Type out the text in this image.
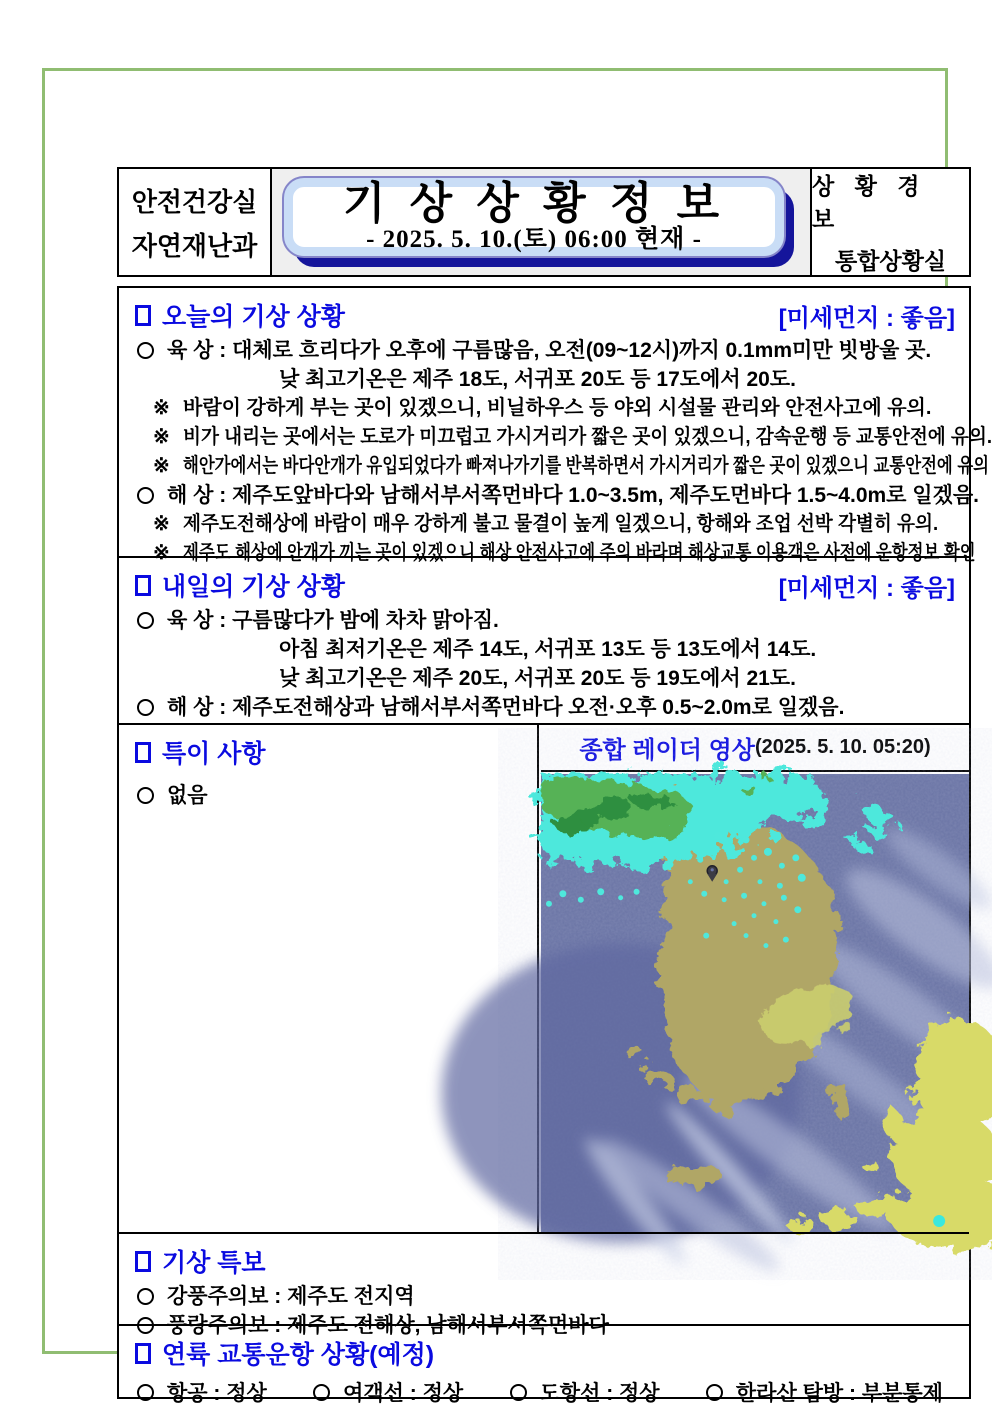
안전건강실
자연재난과
기 상 상 황 정 보
- 2025. 5. 10.(토) 06:00 현재 -
상 황 경 보
통합상황실
오늘의 기상 상황	[미세먼지 : 좋음]
육 상 : 대체로 흐리다가 오후에 구름많음, 오전(09~12시)까지 0.1mm미만 빗방울 곳.
낮 최고기온은 제주 18도, 서귀포 20도 등 17도에서 20도.
※ 바람이 강하게 부는 곳이 있겠으니, 비닐하우스 등 야외 시설물 관리와 안전사고에 유의.
※ 비가 내리는 곳에서는 도로가 미끄럽고 가시거리가 짧은 곳이 있겠으니, 감속운행 등 교통안전에 유의.
※ 해안가에서는 바다안개가 유입되었다가 빠져나가기를 반복하면서 가시거리가 짧은 곳이 있겠으니 교통안전에 유의
해 상 : 제주도앞바다와 남해서부서쪽먼바다 1.0~3.5m, 제주도먼바다 1.5~4.0m로 일겠음.
※ 제주도전해상에 바람이 매우 강하게 불고 물결이 높게 일겠으니, 항해와 조업 선박 각별히 유의.
※ 제주도 해상에 안개가 끼는 곳이 있겠으니 해상 안전사고에 주의 바라며 해상교통 이용객은 사전에 운항정보 확인
내일의 기상 상황	[미세먼지 : 좋음]
육 상 : 구름많다가 밤에 차차 맑아짐.
아침 최저기온은 제주 14도, 서귀포 13도 등 13도에서 14도.
낮 최고기온은 제주 20도, 서귀포 20도 등 19도에서 21도.
해 상 : 제주도전해상과 남해서부서쪽먼바다 오전·오후 0.5~2.0m로 일겠음.
특이 사항
없음
종합 레이더 영상 (2025. 5. 10. 05:20)
기상 특보
강풍주의보 : 제주도 전지역
풍랑주의보 : 제주도 전해상, 남해서부서쪽먼바다
연륙 교통운항 상황(예정)
항공 : 정상	여객선 : 정상	도항선 : 정상	한라산 탐방 : 부분통제
